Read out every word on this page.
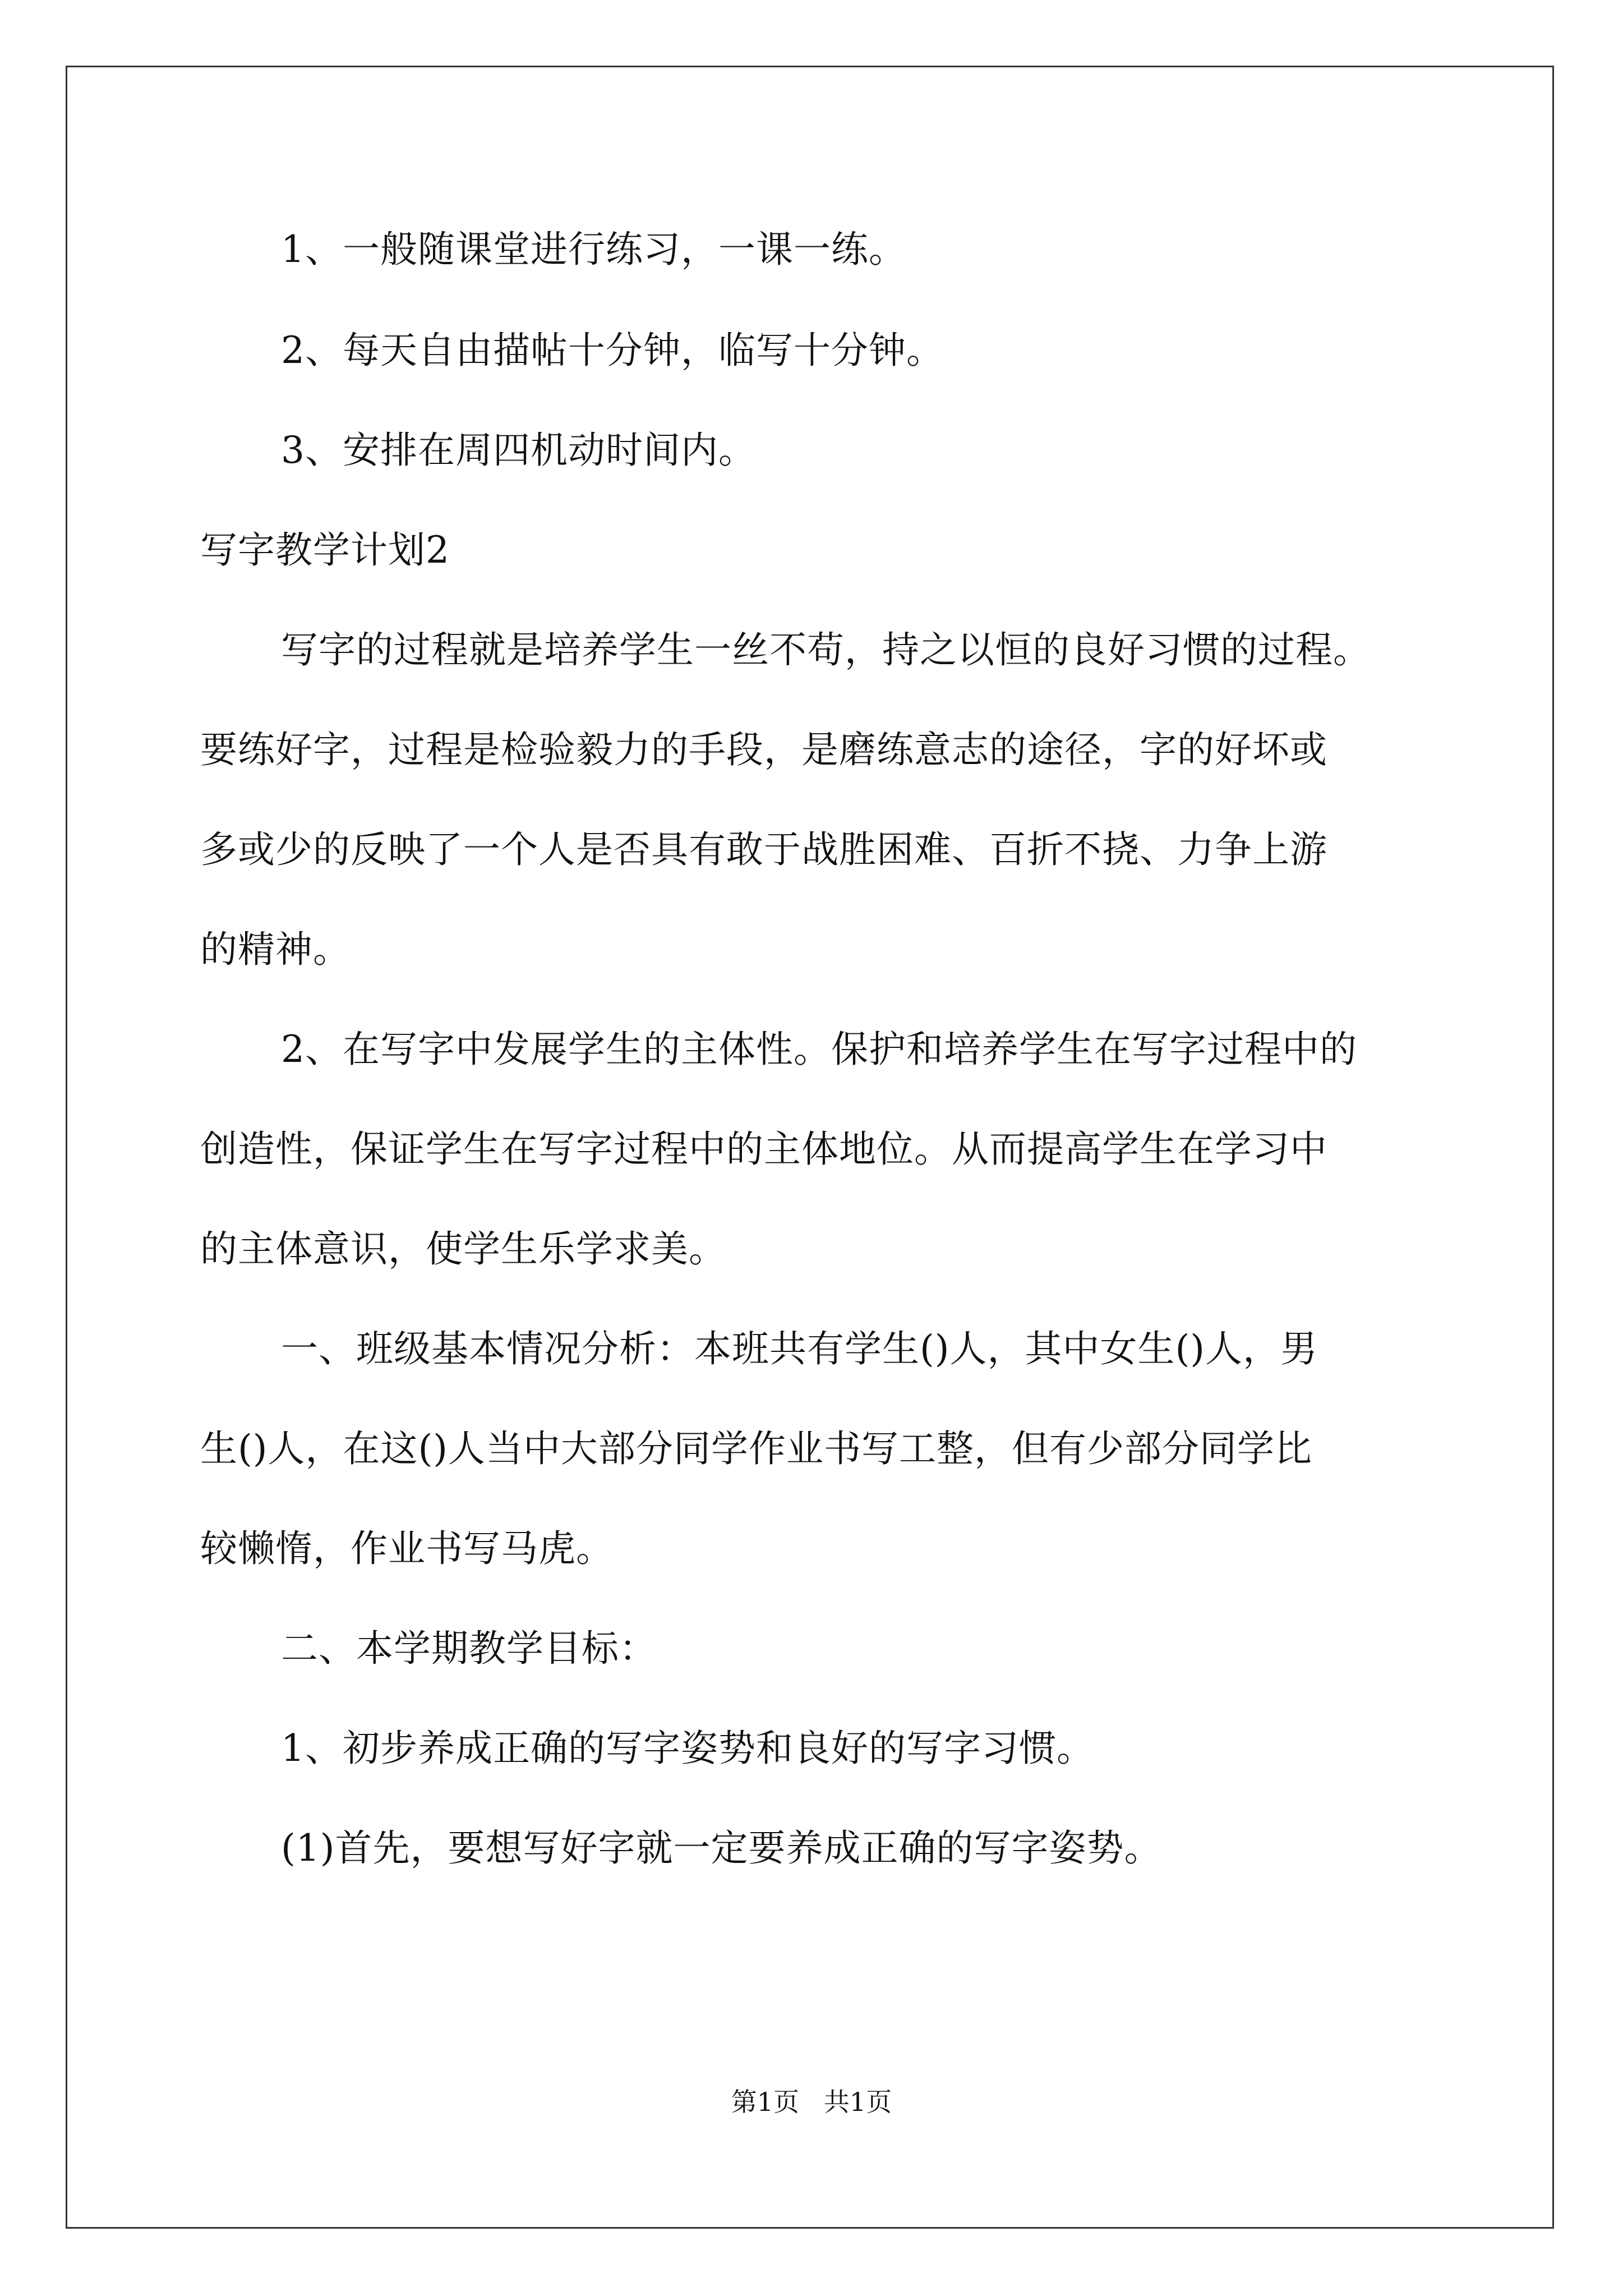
1、一般随课堂进行练习，一课一练。
2、每天自由描帖十分钟，临写十分钟。
3、安排在周四机动时间内。
写字教学计划2
写字的过程就是培养学生一丝不苟，持之以恒的良好习惯的过程。
要练好字，过程是检验毅力的手段，是磨练意志的途径，字的好坏或
多或少的反映了一个人是否具有敢于战胜困难、百折不挠、力争上游
的精神。
2、在写字中发展学生的主体性。保护和培养学生在写字过程中的
创造性，保证学生在写字过程中的主体地位。从而提高学生在学习中
的主体意识，使学生乐学求美。
一、班级基本情况分析：本班共有学生()人，其中女生()人，男
生()人，在这()人当中大部分同学作业书写工整，但有少部分同学比
较懒惰，作业书写马虎。
二、本学期教学目标：
1、初步养成正确的写字姿势和良好的写字习惯。
(1)首先，要想写好字就一定要养成正确的写字姿势。
第1页   共1页
